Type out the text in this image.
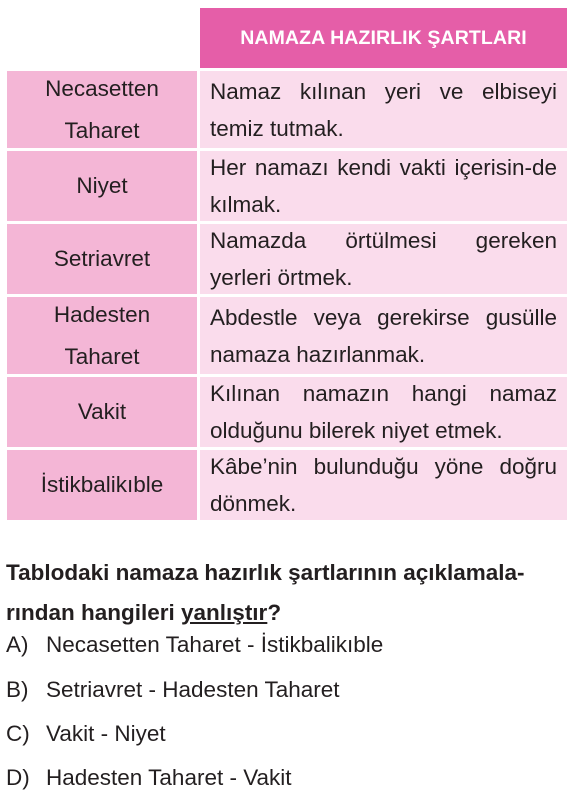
NAMAZA HAZIRLIK ŞARTLARI
Necasetten
Taharet
Namaz kılınan yeri ve elbiseyi temiz tutmak.
Niyet
Her namazı kendi vakti içerisin-de kılmak.
Setriavret
Namazda örtülmesi gereken yerleri örtmek.
Hadesten
Taharet
Abdestle veya gerekirse gusülle namaza hazırlanmak.
Vakit
Kılınan namazın hangi namaz olduğunu bilerek niyet etmek.
İstikbalikıble
Kâbe’nin bulunduğu yöne doğru dönmek.
Tablodaki namaza hazırlık şartlarının açıklamala-rından hangileri yanlıştır?
A) Necasetten Taharet - İstikbalikıble
B) Setriavret - Hadesten Taharet
C) Vakit - Niyet
D) Hadesten Taharet - Vakit
